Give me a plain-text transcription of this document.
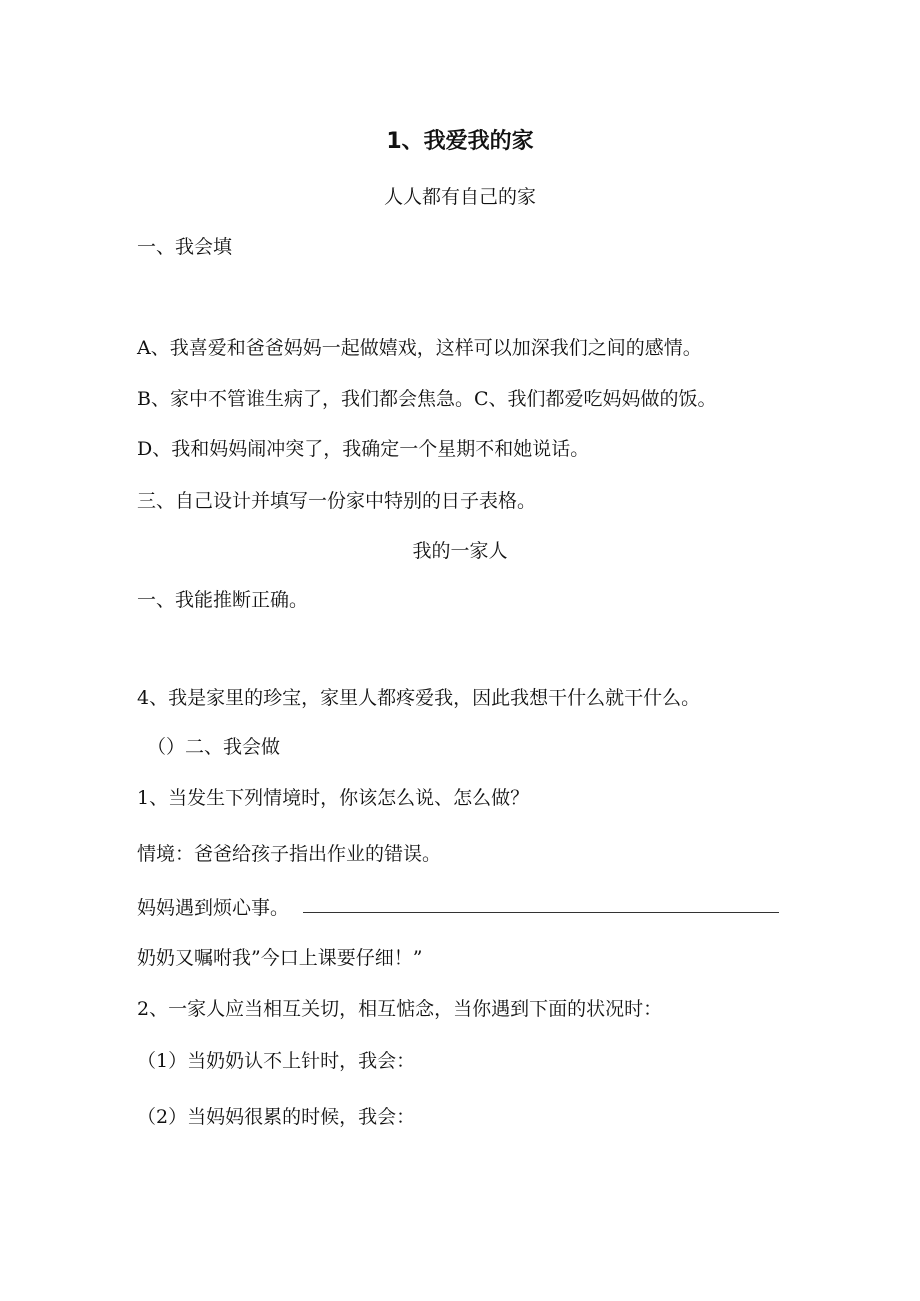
1、我爱我的家

人人都有自己的家

一、我会填

A、我喜爱和爸爸妈妈一起做嬉戏，这样可以加深我们之间的感情。

B、家中不管谁生病了，我们都会焦急。C、我们都爱吃妈妈做的饭。

D、我和妈妈闹冲突了，我确定一个星期不和她说话。

三、自己设计并填写一份家中特别的日子表格。

我的一家人

一、我能推断正确。

4、我是家里的珍宝，家里人都疼爱我，因此我想干什么就干什么。

（）二、我会做

1、当发生下列情境时，你该怎么说、怎么做？

情境：爸爸给孩子指出作业的错误。

妈妈遇到烦心事。

奶奶又嘱咐我”今口上课要仔细！”

2、一家人应当相互关切，相互惦念，当你遇到下面的状况时：

（1）当奶奶认不上针时，我会：

（2）当妈妈很累的时候，我会：
